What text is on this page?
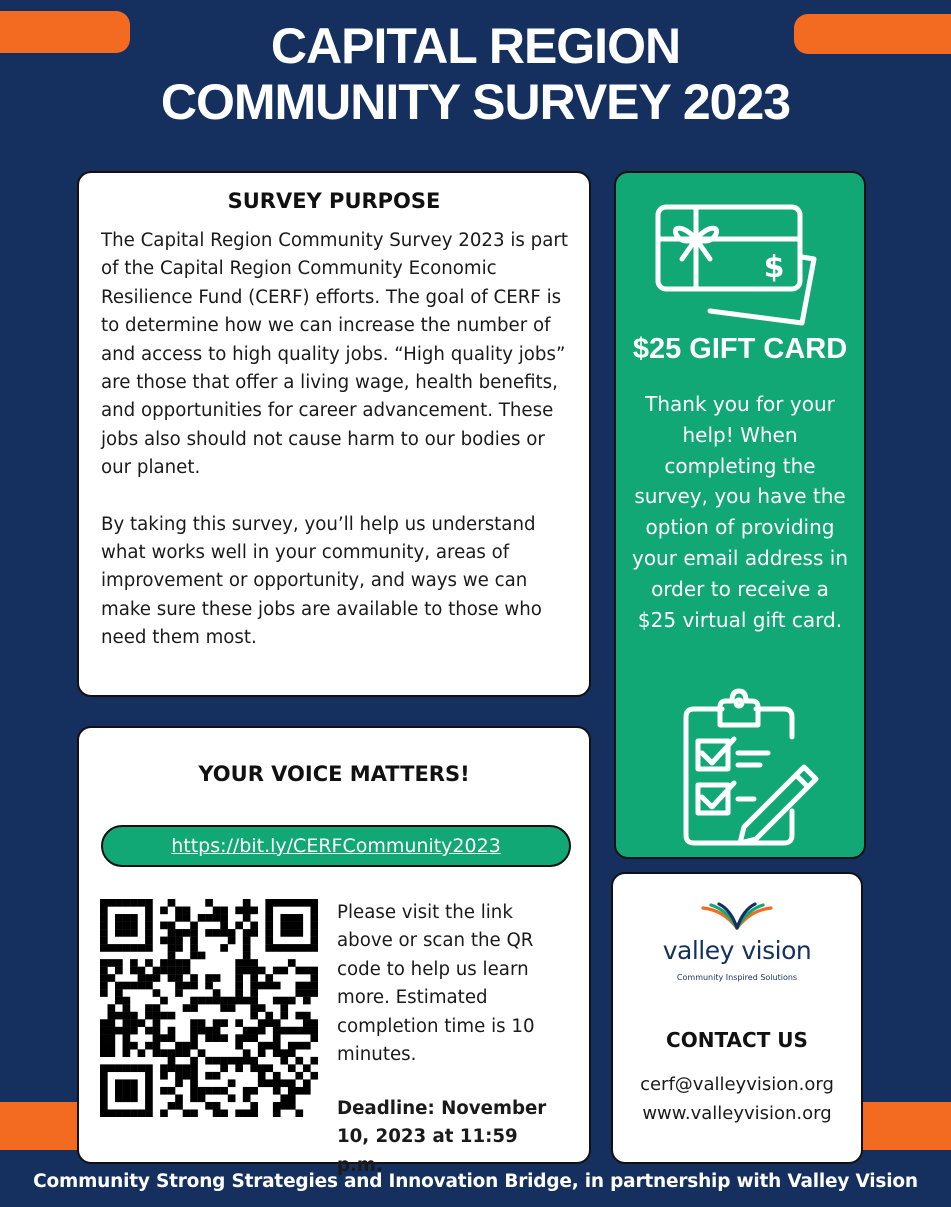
CAPITAL REGION
COMMUNITY SURVEY 2023
SURVEY PURPOSE

The Capital Region Community Survey 2023 is part of the Capital Region Community Economic Resilience Fund (CERF) efforts. The goal of CERF is to determine how we can increase the number of and access to high quality jobs. “High quality jobs” are those that offer a living wage, health benefits, and opportunities for career advancement. These jobs also should not cause harm to our bodies or our planet.

By taking this survey, you’ll help us understand what works well in your community, areas of improvement or opportunity, and ways we can make sure these jobs are available to those who need them most.

YOUR VOICE MATTERS!
https://bit.ly/CERFCommunity2023
Please visit the link above or scan the QR code to help us learn more. Estimated completion time is 10 minutes.
Deadline: November 10, 2023 at 11:59 p.m.
$
$25 GIFT CARD
Thank you for your help! When completing the survey, you have the option of providing your email address in order to receive a $25 virtual gift card.
valley vision
Community Inspired Solutions
CONTACT US
cerf@valleyvision.org
www.valleyvision.org
Community Strong Strategies and Innovation Bridge, in partnership with Valley Vision
